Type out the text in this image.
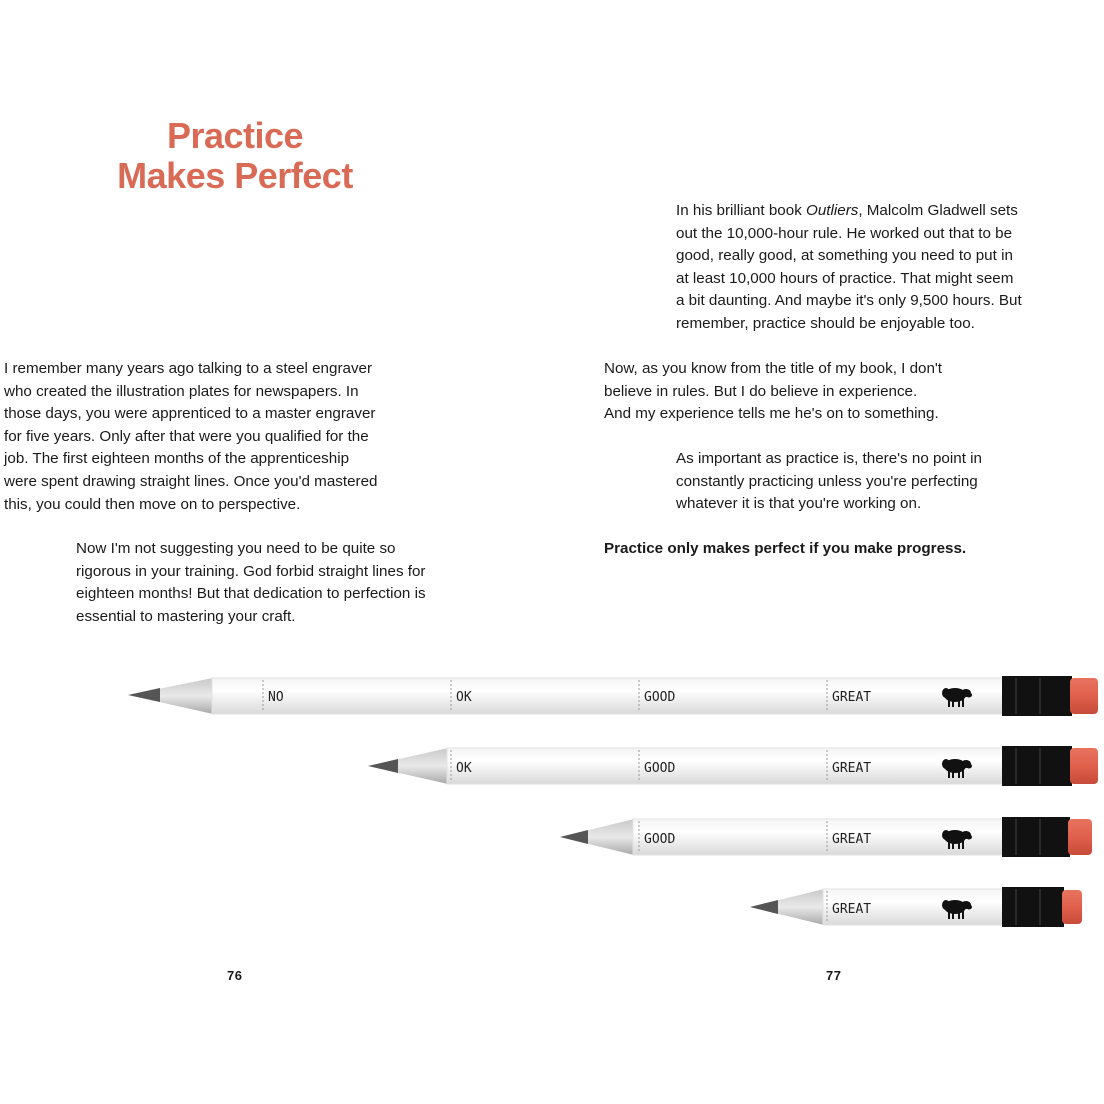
Practice
Makes Perfect
I remember many years ago talking to a steel engraver
who created the illustration plates for newspapers. In
those days, you were apprenticed to a master engraver
for five years. Only after that were you qualified for the
job. The first eighteen months of the apprenticeship
were spent drawing straight lines. Once you'd mastered
this, you could then move on to perspective.
Now I'm not suggesting you need to be quite so
rigorous in your training. God forbid straight lines for
eighteen months! But that dedication to perfection is
essential to mastering your craft.
In his brilliant book Outliers, Malcolm Gladwell sets
out the 10,000-hour rule. He worked out that to be
good, really good, at something you need to put in
at least 10,000 hours of practice. That might seem
a bit daunting. And maybe it's only 9,500 hours. But
remember, practice should be enjoyable too.
Now, as you know from the title of my book, I don't
believe in rules. But I do believe in experience.
And my experience tells me he's on to something.
As important as practice is, there's no point in
constantly practicing unless you're perfecting
whatever it is that you're working on.
Practice only makes perfect if you make progress.
NO	OK	GOOD	GREAT
OK	GOOD	GREAT
GOOD	GREAT
GREAT
76	77
